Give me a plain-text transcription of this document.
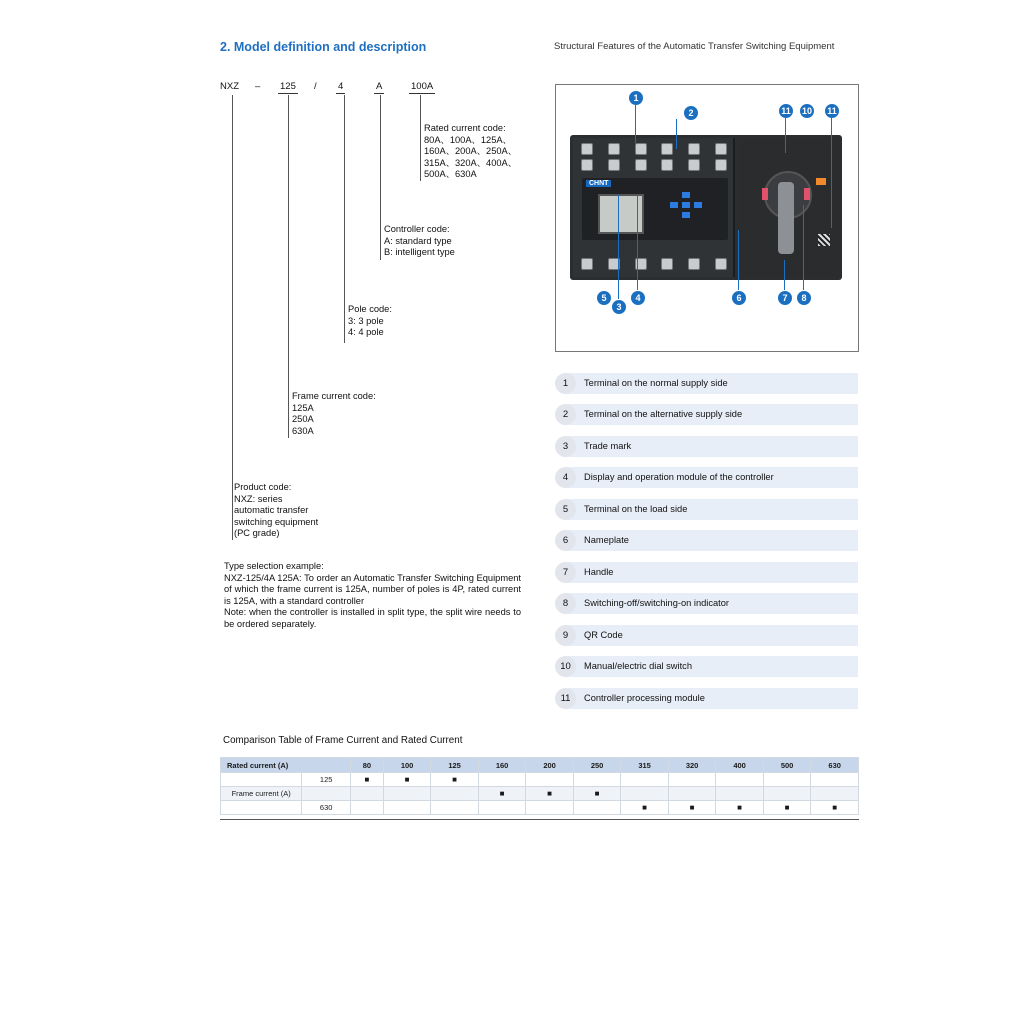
2. Model definition and description	Structural Features of the Automatic Transfer Switching Equipment
NXZ – 125 / 4	A	100A
Rated current code:
80A、100A、125A、
160A、200A、250A、
315A、320A、400A、
500A、630A
Controller code:
A: standard type
B: intelligent type
Pole code:
3: 3 pole
4: 4 pole
Frame current code:
125A
250A
630A
Product code:
NXZ: series
automatic transfer
switching equipment
(PC grade)

Type selection example:

NXZ-125/4A 125A: To order an Automatic Transfer Switching Equipment of which the frame current is 125A, number of poles is 4P, rated current is 125A, with a standard controller

Note: when the controller is installed in split type, the split wire needs to be ordered separately.

CHNT
1
2	11	10	11
5
3
4	6	7	8
1	Terminal on the normal supply side
2	Terminal on the alternative supply side
3	Trade mark
4	Display and operation module of the controller
5	Terminal on the load side
6	Nameplate
7	Handle
8	Switching-off/switching-on indicator
9	QR Code
10	Manual/electric dial switch
11	Controller processing module
Comparison Table of Frame Current and Rated Current
Rated current (A)		80	100	125	160	200	250	315	320	400	500	630
	125	■	■	■								
Frame current (A)					■	■	■					
	630							■	■	■	■	■
